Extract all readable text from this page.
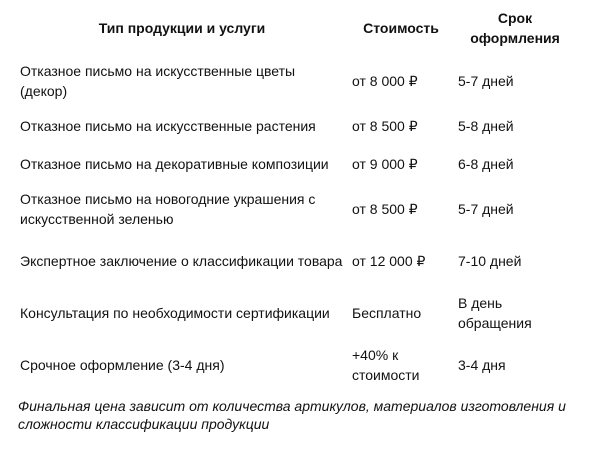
Тип продукции и услуги	Стоимость	Срок оформления
Отказное письмо на искусственные цветы (декор)	от 8 000 ₽	5-7 дней
Отказное письмо на искусственные растения	от 8 500 ₽	5-8 дней
Отказное письмо на декоративные композиции	от 9 000 ₽	6-8 дней
Отказное письмо на новогодние украшения с искусственной зеленью	от 8 500 ₽	5-7 дней
Экспертное заключение о классификации товара	от 12 000 ₽	7-10 дней
Консультация по необходимости сертификации	Бесплатно	В день обращения
Срочное оформление (3-4 дня)	+40% к стоимости	3-4 дня

Финальная цена зависит от количества артикулов, материалов изготовления и сложности классификации продукции
